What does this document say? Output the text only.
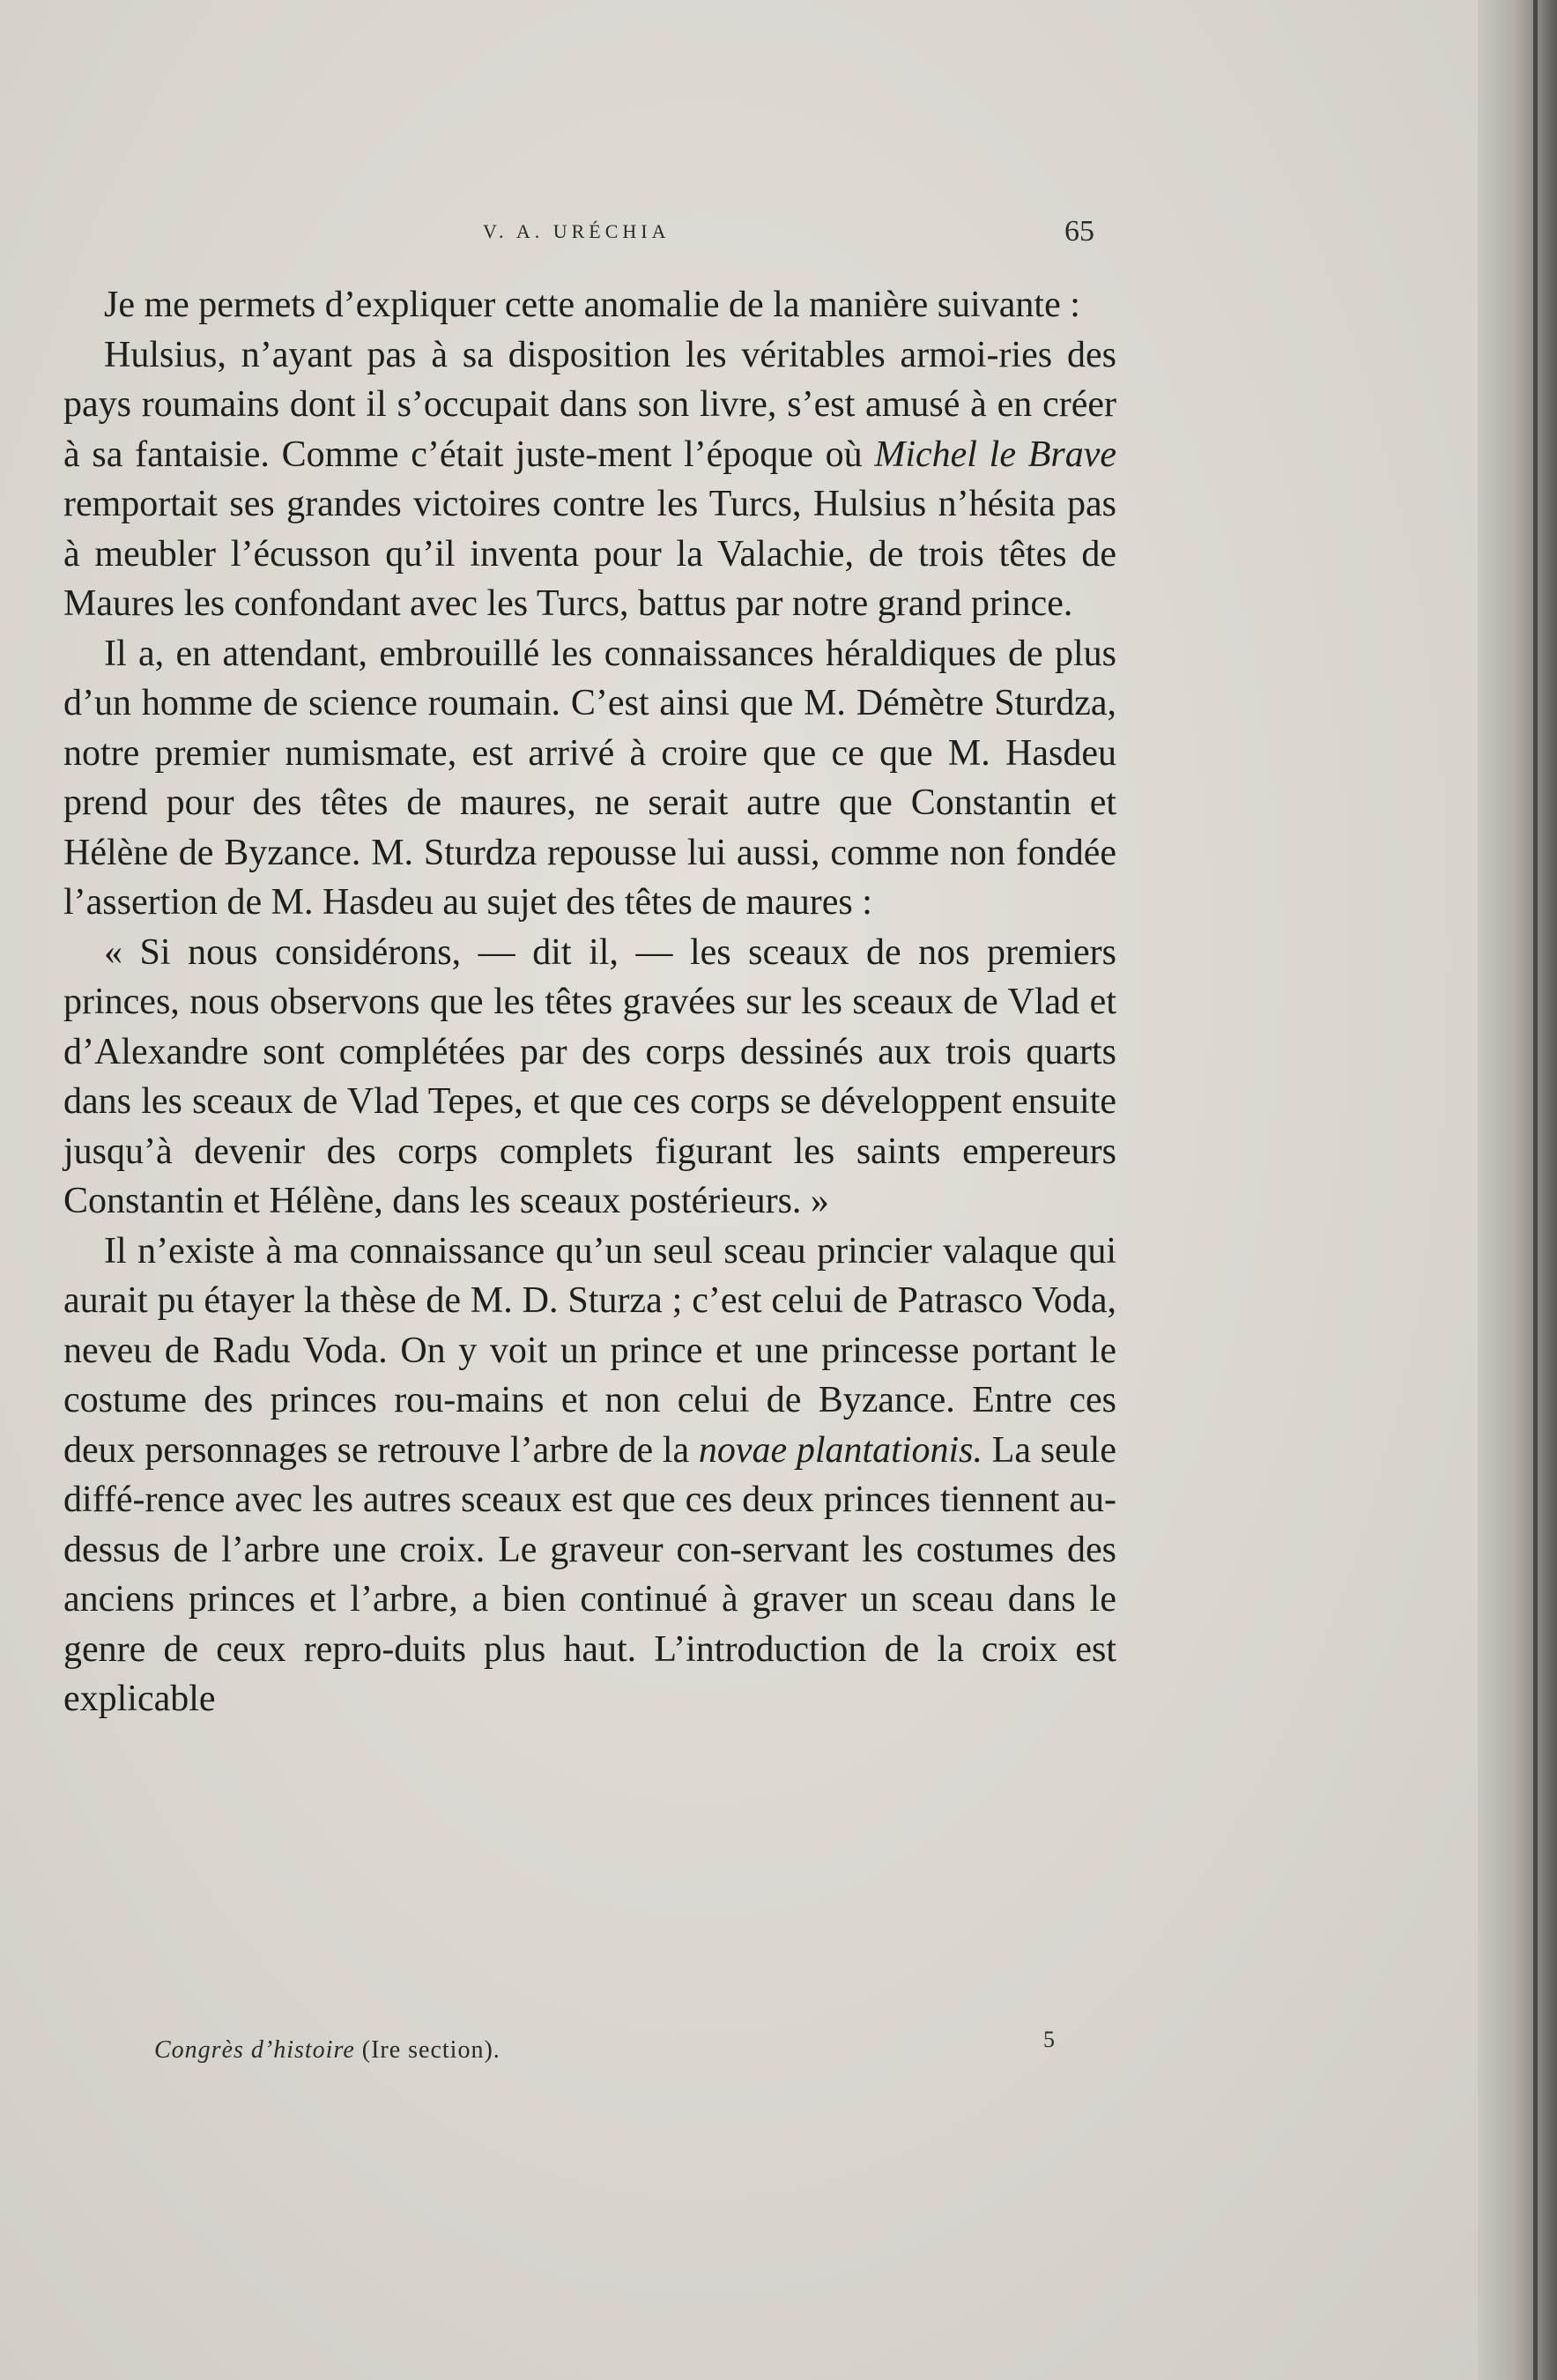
V. A. URÉCHIA	65

Je me permets d’expliquer cette anomalie de la manière suivante :

Hulsius, n’ayant pas à sa disposition les véritables armoi-ries des pays roumains dont il s’occupait dans son livre, s’est amusé à en créer à sa fantaisie. Comme c’était juste-ment l’époque où Michel le Brave remportait ses grandes victoires contre les Turcs, Hulsius n’hésita pas à meubler l’écusson qu’il inventa pour la Valachie, de trois têtes de Maures les confondant avec les Turcs, battus par notre grand prince.

Il a, en attendant, embrouillé les connaissances héraldiques de plus d’un homme de science roumain. C’est ainsi que M. Démètre Sturdza, notre premier numismate, est arrivé à croire que ce que M. Hasdeu prend pour des têtes de maures, ne serait autre que Constantin et Hélène de Byzance. M. Sturdza repousse lui aussi, comme non fondée l’assertion de M. Hasdeu au sujet des têtes de maures :

« Si nous considérons, — dit il, — les sceaux de nos premiers princes, nous observons que les têtes gravées sur les sceaux de Vlad et d’Alexandre sont complétées par des corps dessinés aux trois quarts dans les sceaux de Vlad Tepes, et que ces corps se développent ensuite jusqu’à devenir des corps complets figurant les saints empereurs Constantin et Hélène, dans les sceaux postérieurs. »

Il n’existe à ma connaissance qu’un seul sceau princier valaque qui aurait pu étayer la thèse de M. D. Sturza ; c’est celui de Patrasco Voda, neveu de Radu Voda. On y voit un prince et une princesse portant le costume des princes rou-mains et non celui de Byzance. Entre ces deux personnages se retrouve l’arbre de la novae plantationis. La seule diffé-rence avec les autres sceaux est que ces deux princes tiennent au-dessus de l’arbre une croix. Le graveur con-servant les costumes des anciens princes et l’arbre, a bien continué à graver un sceau dans le genre de ceux repro-duits plus haut. L’introduction de la croix est explicable

Congrès d’histoire (Ire section).	5
